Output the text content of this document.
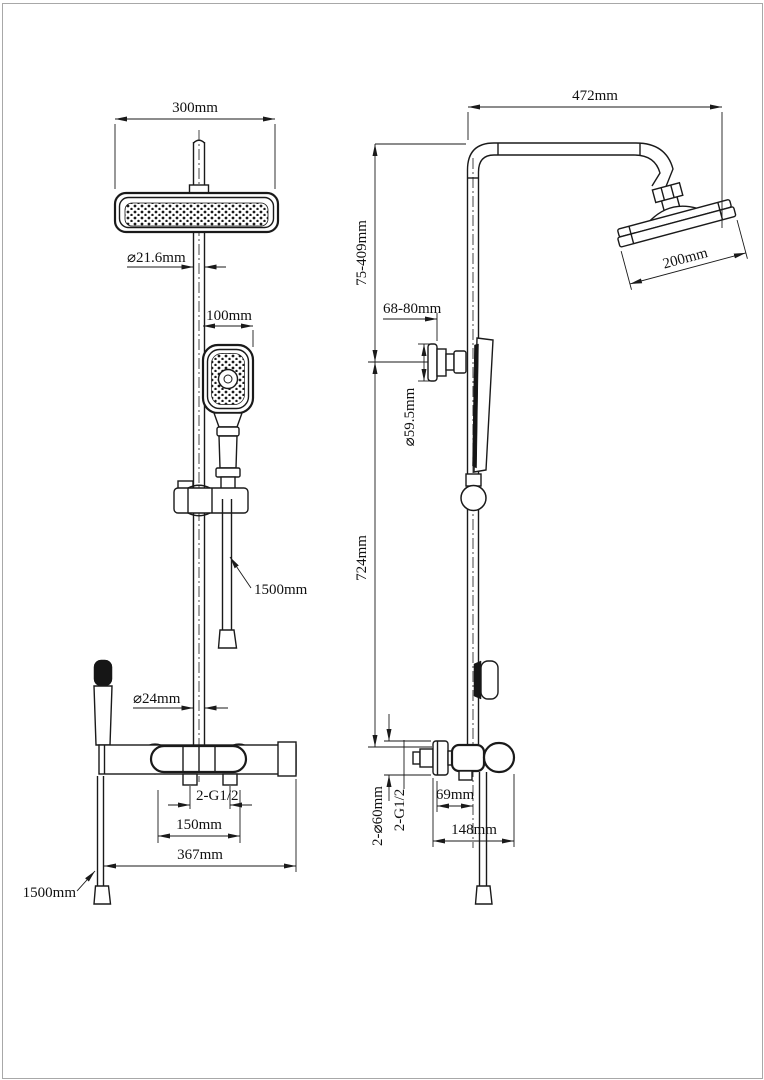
300mm
⌀21.6mm
100mm
1500mm
⌀24mm
2-G1/2
150mm
367mm
1500mm
200mm
472mm
75-409mm
724mm
68-80mm
⌀59.5mm
2-⌀60mm 2-G1/2 69mm
148mm
